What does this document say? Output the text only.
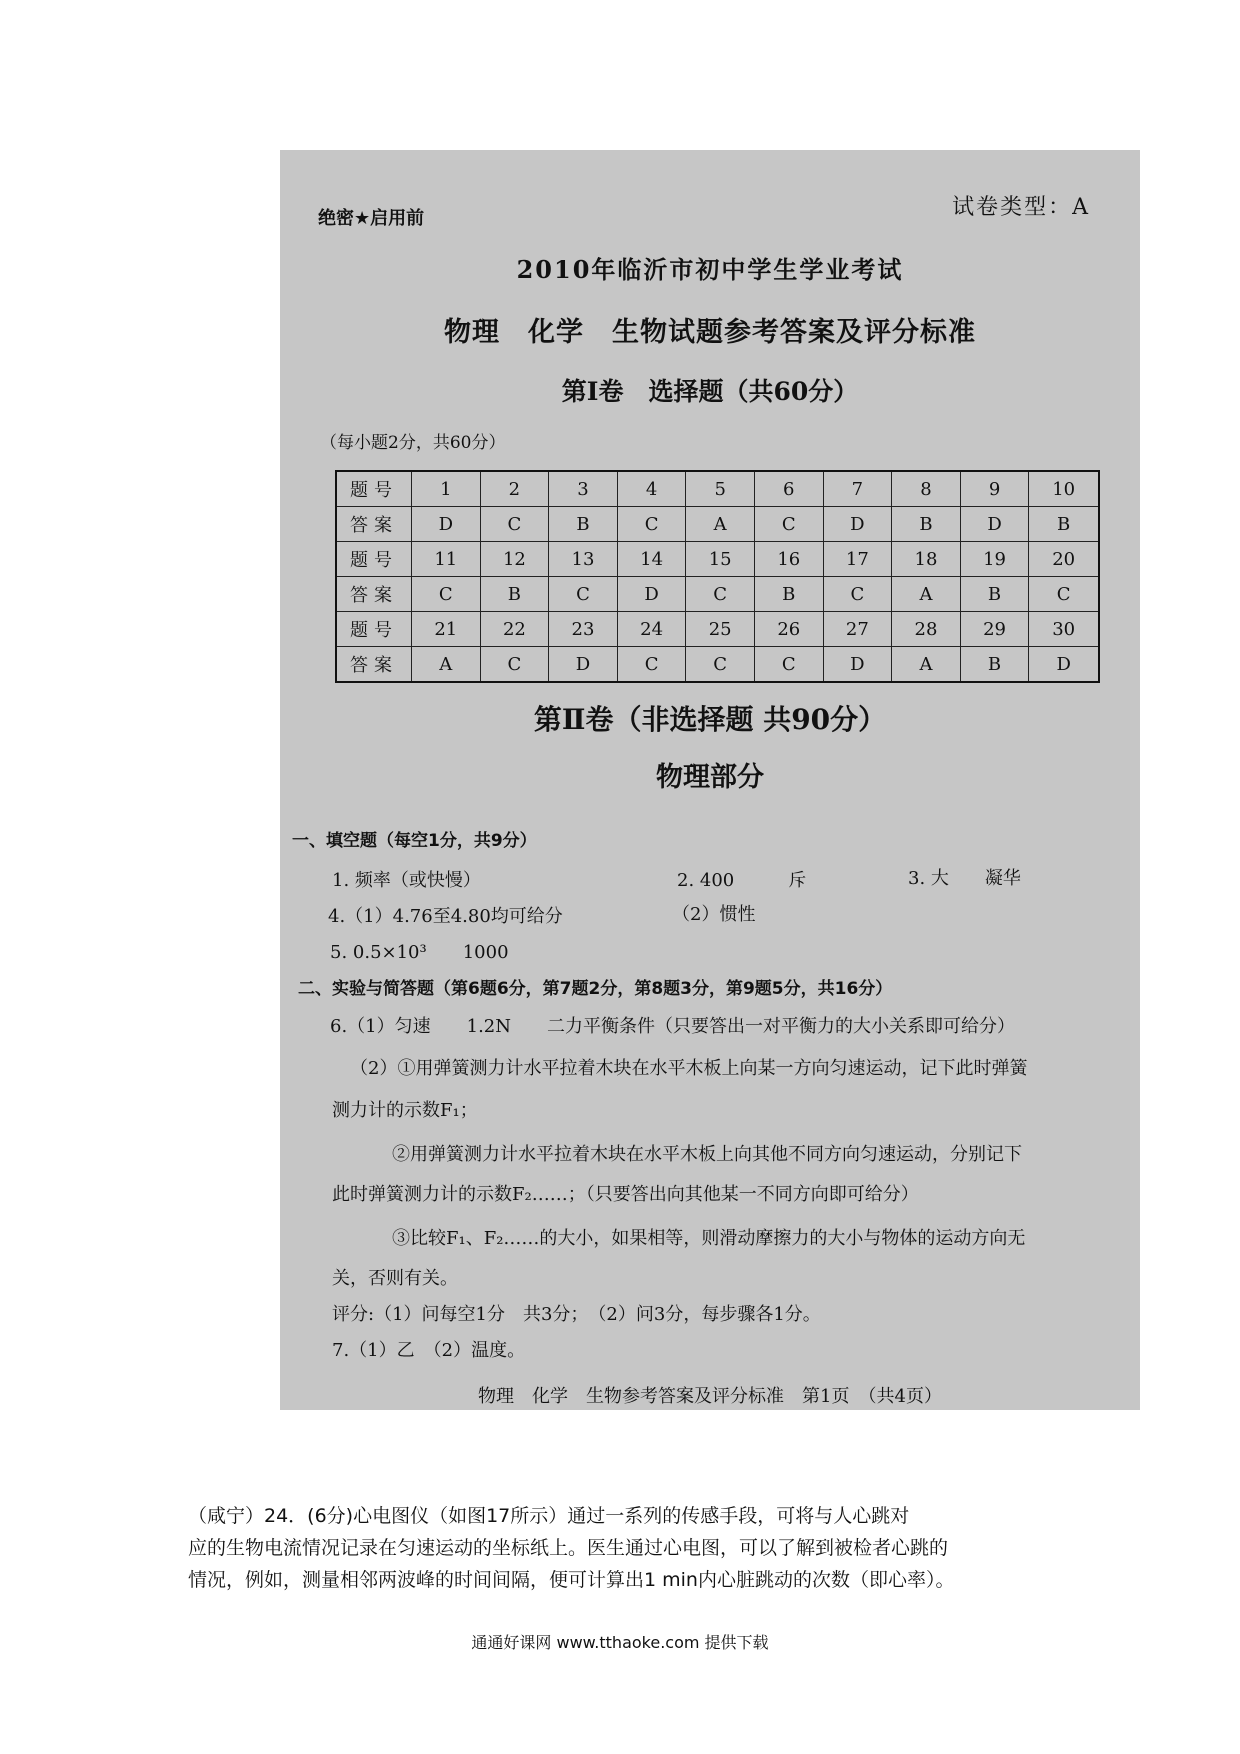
绝密★启用前	试卷类型：A
2010年临沂市初中学生学业考试
物理　化学　生物试题参考答案及评分标准
第Ⅰ卷　选择题（共60分）
（每小题2分，共60分）
题号	1	2	3	4	5	6	7	8	9	10
答案	D	C	B	C	A	C	D	B	D	B
题号	11	12	13	14	15	16	17	18	19	20
答案	C	B	C	D	C	B	C	A	B	C
题号	21	22	23	24	25	26	27	28	29	30
答案	A	C	D	C	C	C	D	A	B	D
第Ⅱ卷（非选择题 共90分）
物理部分
一、填空题（每空1分，共9分）
1. 频率（或快慢）	2. 400　　　斥	3. 大　　凝华
4.（1）4.76至4.80均可给分	（2）惯性
5. 0.5×10³　　1000
二、实验与简答题（第6题6分，第7题2分，第8题3分，第9题5分，共16分）
6.（1）匀速　　1.2N　　二力平衡条件（只要答出一对平衡力的大小关系即可给分）
（2）①用弹簧测力计水平拉着木块在水平木板上向某一方向匀速运动，记下此时弹簧
测力计的示数F₁；
②用弹簧测力计水平拉着木块在水平木板上向其他不同方向匀速运动，分别记下
此时弹簧测力计的示数F₂……；（只要答出向其他某一不同方向即可给分）
③比较F₁、F₂……的大小，如果相等，则滑动摩擦力的大小与物体的运动方向无
关，否则有关。
评分:（1）问每空1分　共3分；　（2）问3分，每步骤各1分。
7.（1）乙　（2）温度。
物理　化学　生物参考答案及评分标准　第1页　（共4页）
（咸宁）24．(6分)心电图仪（如图17所示）通过一系列的传感手段，可将与人心跳对
应的生物电流情况记录在匀速运动的坐标纸上。医生通过心电图，可以了解到被检者心跳的
情况，例如，测量相邻两波峰的时间间隔，便可计算出1 min内心脏跳动的次数（即心率）。
通通好课网 www.tthaoke.com 提供下载
